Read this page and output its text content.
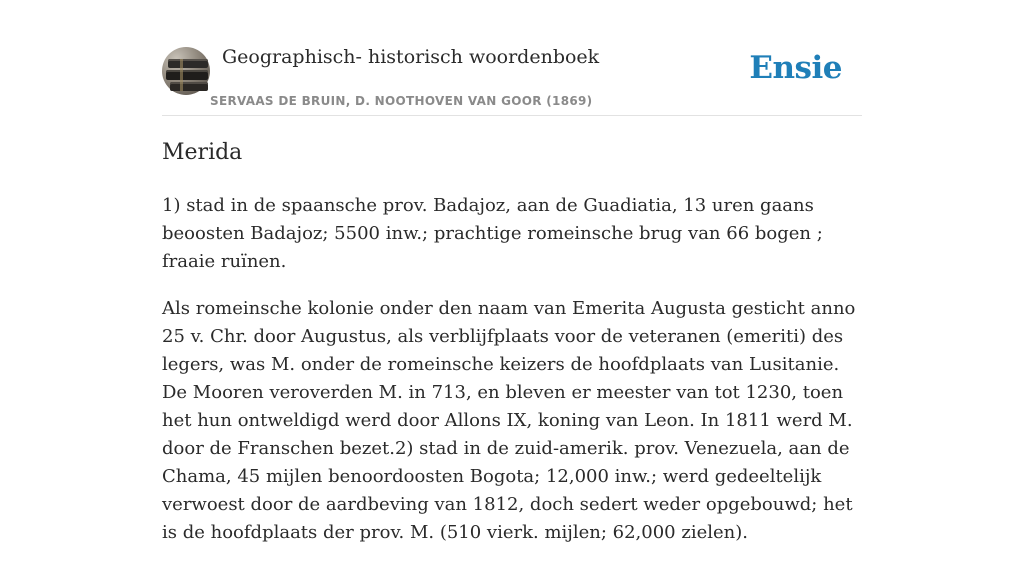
Geographisch- historisch woordenboek
SERVAAS DE BRUIN, D. NOOTHOVEN VAN GOOR (1869)
Ensie
Merida

1) stad in de spaansche prov. Badajoz, aan de Guadiatia, 13 uren gaans beoosten Badajoz; 5500 inw.; prachtige romeinsche brug van 66 bogen ; fraaie ruïnen.

Als romeinsche kolonie onder den naam van Emerita Augusta gesticht anno 25 v. Chr. door Augustus, als verblijfplaats voor de veteranen (emeriti) des legers, was M. onder de romeinsche keizers de hoofdplaats van Lusitanie. De Mooren veroverden M. in 713, en bleven er meester van tot 1230, toen het hun ontweldigd werd door Allons IX, koning van Leon. In 1811 werd M. door de Franschen bezet.2) stad in de zuid-amerik. prov. Venezuela, aan de Chama, 45 mijlen benoordoosten Bogota; 12,000 inw.; werd gedeeltelijk verwoest door de aardbeving van 1812, doch sedert weder opgebouwd; het is de hoofdplaats der prov. M. (510 vierk. mijlen; 62,000 zielen).
